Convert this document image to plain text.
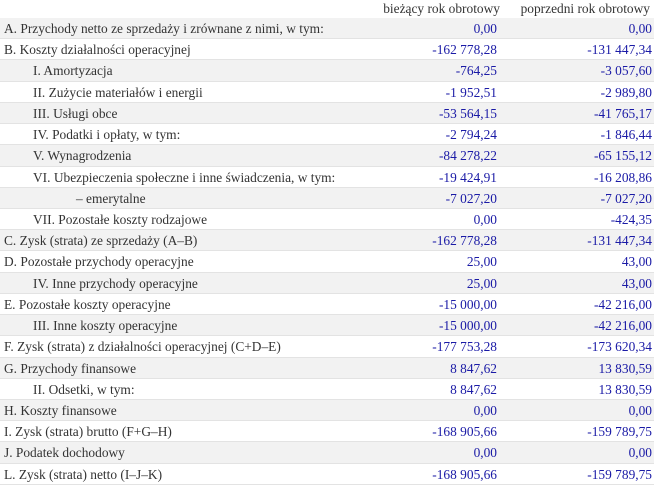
bieżący rok obrotowy	poprzedni rok obrotowy
A. Przychody netto ze sprzedaży i zrównane z nimi, w tym:	0,00	0,00
B. Koszty działalności operacyjnej	-162 778,28	-131 447,34
I. Amortyzacja	-764,25	-3 057,60
II. Zużycie materiałów i energii	-1 952,51	-2 989,80
III. Usługi obce	-53 564,15	-41 765,17
IV. Podatki i opłaty, w tym:	-2 794,24	-1 846,44
V. Wynagrodzenia	-84 278,22	-65 155,12
VI. Ubezpieczenia społeczne i inne świadczenia, w tym:	-19 424,91	-16 208,86
– emerytalne	-7 027,20	-7 027,20
VII. Pozostałe koszty rodzajowe	0,00	-424,35
C. Zysk (strata) ze sprzedaży (A–B)	-162 778,28	-131 447,34
D. Pozostałe przychody operacyjne	25,00	43,00
IV. Inne przychody operacyjne	25,00	43,00
E. Pozostałe koszty operacyjne	-15 000,00	-42 216,00
III. Inne koszty operacyjne	-15 000,00	-42 216,00
F. Zysk (strata) z działalności operacyjnej (C+D–E)	-177 753,28	-173 620,34
G. Przychody finansowe	8 847,62	13 830,59
II. Odsetki, w tym:	8 847,62	13 830,59
H. Koszty finansowe	0,00	0,00
I. Zysk (strata) brutto (F+G–H)	-168 905,66	-159 789,75
J. Podatek dochodowy	0,00	0,00
L. Zysk (strata) netto (I–J–K)	-168 905,66	-159 789,75
